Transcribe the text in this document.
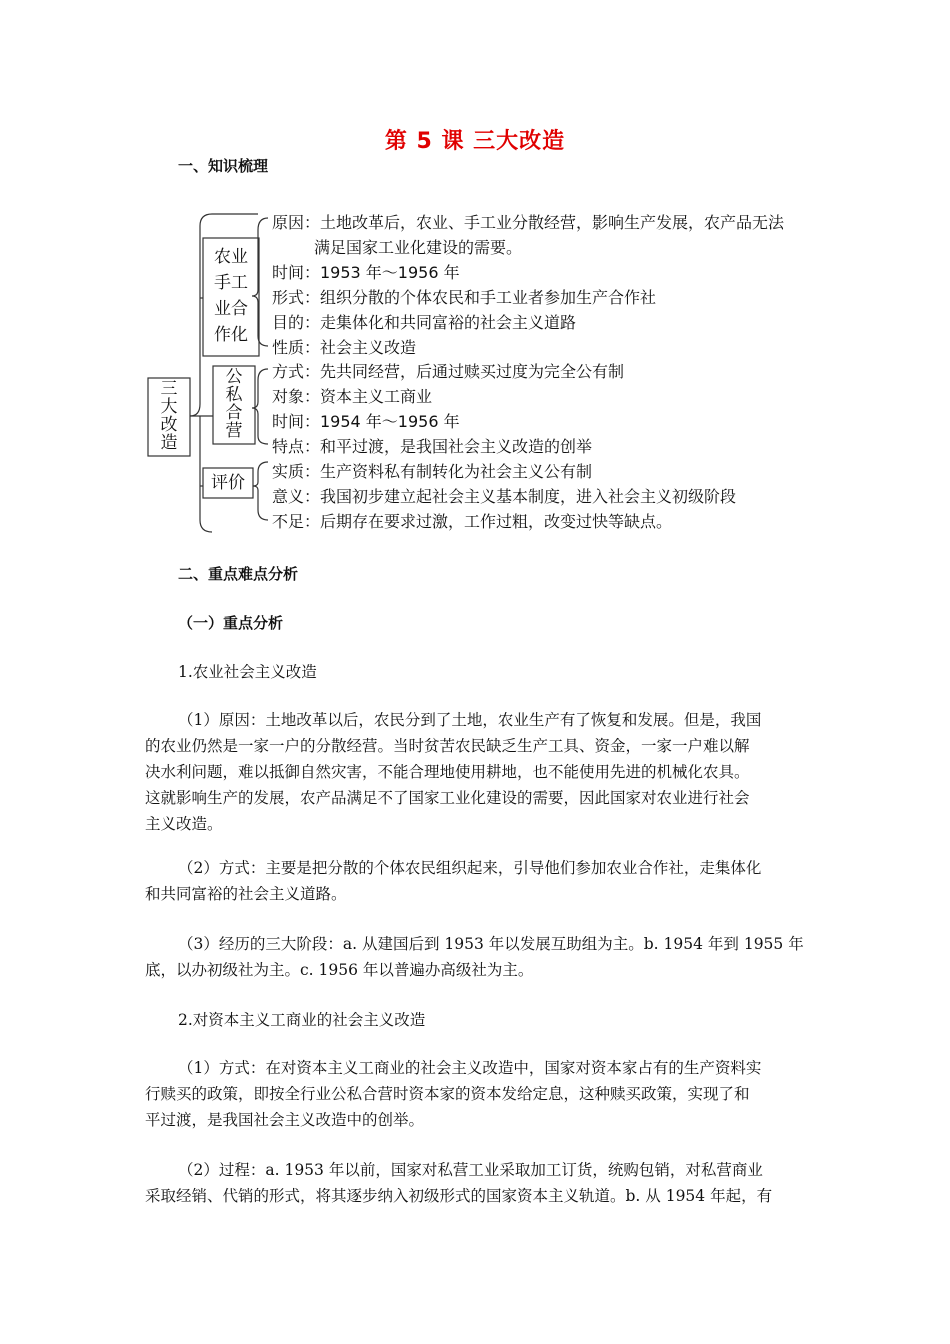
第 5 课 三大改造
一、知识梳理
三
大
改
造
农业
手工
业合
作化
公
私
合
营
评价
原因：土地改革后，农业、手工业分散经营，影响生产发展，农产品无法
满足国家工业化建设的需要。
时间：1953 年～1956 年
形式：组织分散的个体农民和手工业者参加生产合作社
目的：走集体化和共同富裕的社会主义道路
性质：社会主义改造
方式：先共同经营，后通过赎买过度为完全公有制
对象：资本主义工商业
时间：1954 年～1956 年
特点：和平过渡，是我国社会主义改造的创举
实质：生产资料私有制转化为社会主义公有制
意义：我国初步建立起社会主义基本制度，进入社会主义初级阶段
不足：后期存在要求过激，工作过粗，改变过快等缺点。
二、重点难点分析
（一）重点分析
1.农业社会主义改造
（1）原因：土地改革以后，农民分到了土地，农业生产有了恢复和发展。但是，我国
的农业仍然是一家一户的分散经营。当时贫苦农民缺乏生产工具、资金，一家一户难以解
决水利问题，难以抵御自然灾害，不能合理地使用耕地，也不能使用先进的机械化农具。
这就影响生产的发展，农产品满足不了国家工业化建设的需要，因此国家对农业进行社会
主义改造。
（2）方式：主要是把分散的个体农民组织起来，引导他们参加农业合作社，走集体化
和共同富裕的社会主义道路。
（3）经历的三大阶段：a. 从建国后到 1953 年以发展互助组为主。b. 1954 年到 1955 年
底，以办初级社为主。c. 1956 年以普遍办高级社为主。
2.对资本主义工商业的社会主义改造
（1）方式：在对资本主义工商业的社会主义改造中，国家对资本家占有的生产资料实
行赎买的政策，即按全行业公私合营时资本家的资本发给定息，这种赎买政策，实现了和
平过渡，是我国社会主义改造中的创举。
（2）过程：a. 1953 年以前，国家对私营工业采取加工订货，统购包销，对私营商业
采取经销、代销的形式，将其逐步纳入初级形式的国家资本主义轨道。b. 从 1954 年起，有
